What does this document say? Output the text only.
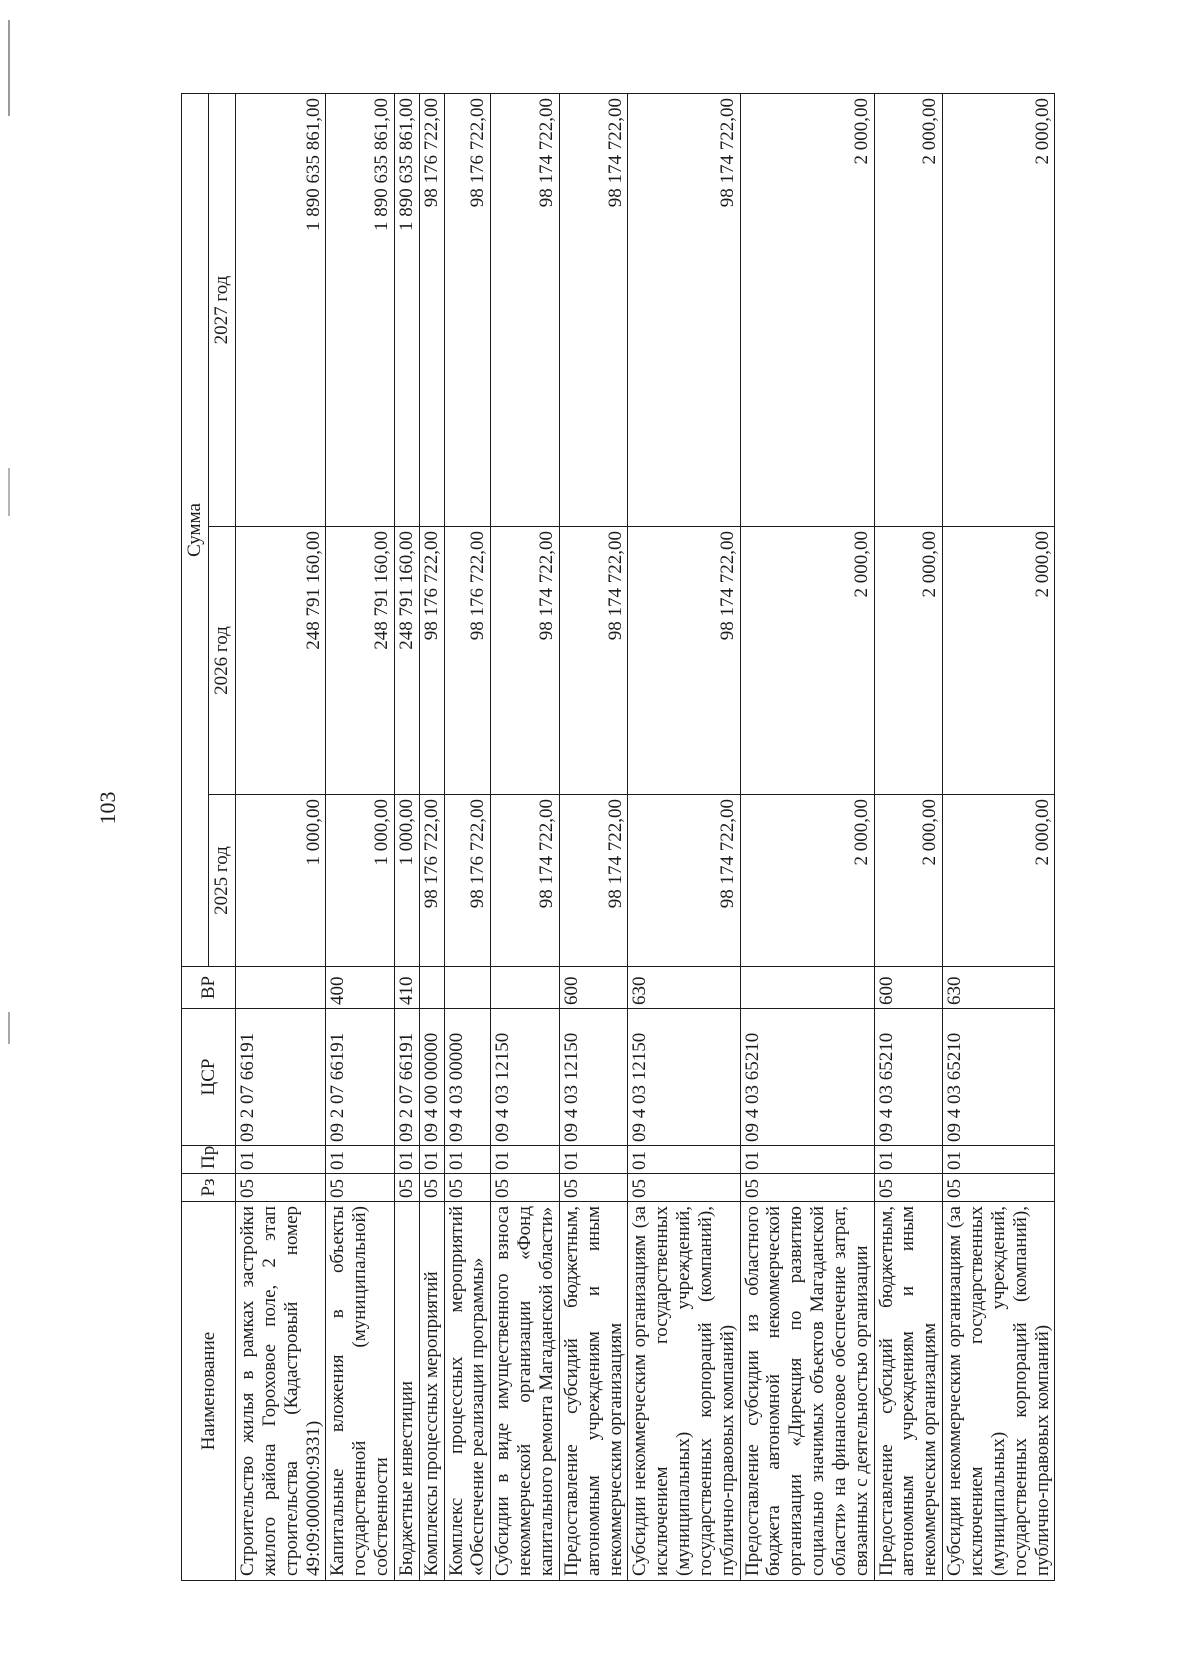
103
Наименование	Рз	Пр	ЦСР	ВР	Сумма		
					2025 год	2026 год	2027 год
Строительство жилья в рамках застройки жилого района Гороховое поле, 2 этап строительства (Кадастровый номер 49:09:000000:9331)	05	01	09 2 07 66191		1 000,00	248 791 160,00	1 890 635 861,00
Капитальные вложения в объекты государственной (муниципальной) собственности	05	01	09 2 07 66191	400	1 000,00	248 791 160,00	1 890 635 861,00
Бюджетные инвестиции	05	01	09 2 07 66191	410	1 000,00	248 791 160,00	1 890 635 861,00
Комплексы процессных мероприятий	05	01	09 4 00 00000		98 176 722,00	98 176 722,00	98 176 722,00
Комплекс процессных мероприятий «Обеспечение реализации программы»	05	01	09 4 03 00000		98 176 722,00	98 176 722,00	98 176 722,00
Субсидии в виде имущественного взноса некоммерческой организации «Фонд капитального ремонта Магаданской области»	05	01	09 4 03 12150		98 174 722,00	98 174 722,00	98 174 722,00
Предоставление субсидий бюджетным, автономным учреждениям и иным некоммерческим организациям	05	01	09 4 03 12150	600	98 174 722,00	98 174 722,00	98 174 722,00
Субсидии некоммерческим организациям (за исключением государственных (муниципальных) учреждений, государственных корпораций (компаний), публично-правовых компаний)	05	01	09 4 03 12150	630	98 174 722,00	98 174 722,00	98 174 722,00
Предоставление субсидии из областного бюджета автономной некоммерческой организации «Дирекция по развитию социально значимых объектов Магаданской области» на финансовое обеспечение затрат, связанных с деятельностью организации	05	01	09 4 03 65210		2 000,00	2 000,00	2 000,00
Предоставление субсидий бюджетным, автономным учреждениям и иным некоммерческим организациям	05	01	09 4 03 65210	600	2 000,00	2 000,00	2 000,00
Субсидии некоммерческим организациям (за исключением государственных (муниципальных) учреждений, государственных корпораций (компаний), публично-правовых компаний)	05	01	09 4 03 65210	630	2 000,00	2 000,00	2 000,00
